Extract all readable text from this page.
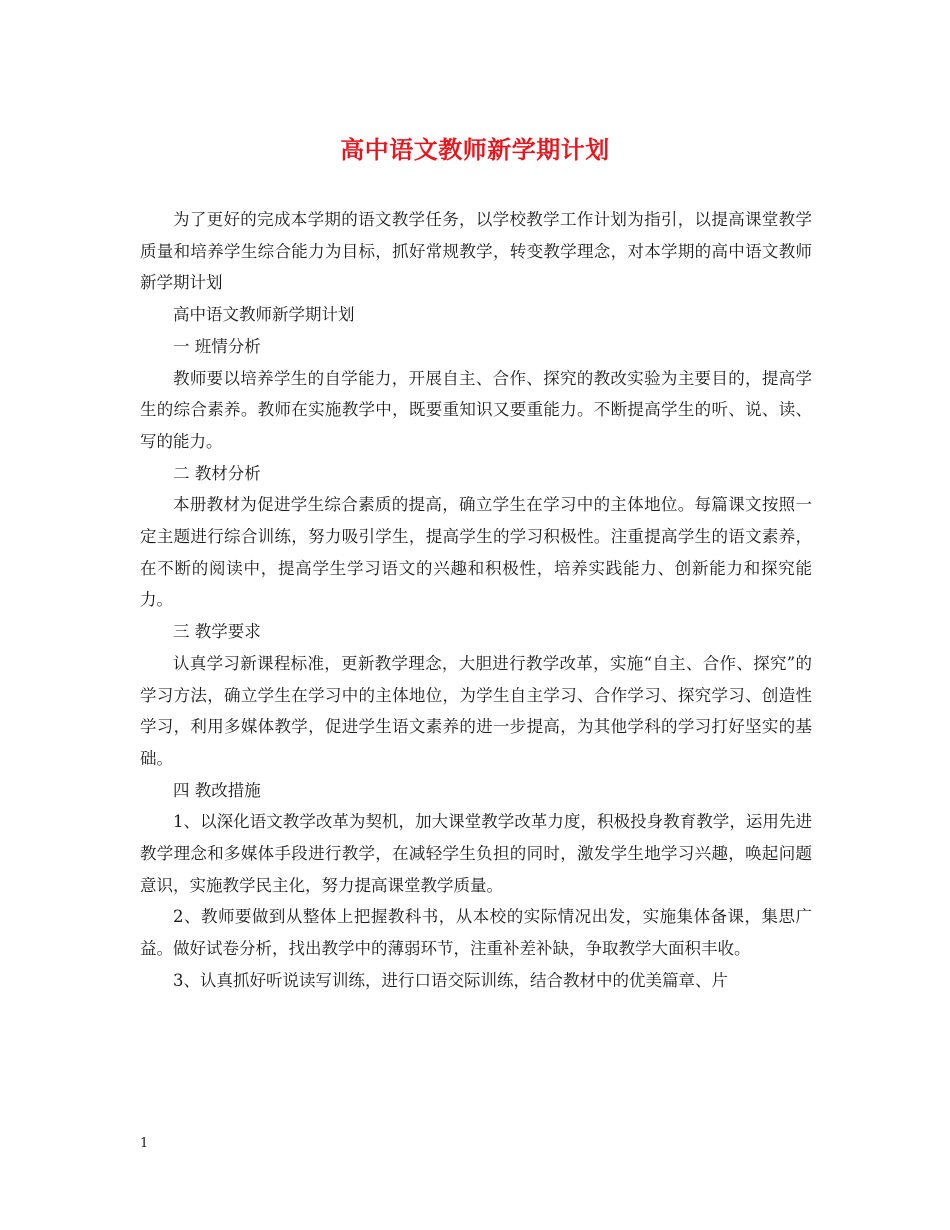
高中语文教师新学期计划

为了更好的完成本学期的语文教学任务，以学校教学工作计划为指引，以提高课堂教学质量和培养学生综合能力为目标，抓好常规教学，转变教学理念，对本学期的高中语文教师新学期计划

高中语文教师新学期计划

一 班情分析

教师要以培养学生的自学能力，开展自主、合作、探究的教改实验为主要目的，提高学生的综合素养。教师在实施教学中，既要重知识又要重能力。不断提高学生的听、说、读、写的能力。

二 教材分析

本册教材为促进学生综合素质的提高，确立学生在学习中的主体地位。每篇课文按照一定主题进行综合训练，努力吸引学生，提高学生的学习积极性。注重提高学生的语文素养，在不断的阅读中，提高学生学习语文的兴趣和积极性，培养实践能力、创新能力和探究能力。

三 教学要求

认真学习新课程标准，更新教学理念，大胆进行教学改革，实施“自主、合作、探究”的学习方法，确立学生在学习中的主体地位，为学生自主学习、合作学习、探究学习、创造性学习，利用多媒体教学，促进学生语文素养的进一步提高，为其他学科的学习打好坚实的基础。

四 教改措施

1、以深化语文教学改革为契机，加大课堂教学改革力度，积极投身教育教学，运用先进教学理念和多媒体手段进行教学，在减轻学生负担的同时，激发学生地学习兴趣，唤起问题意识，实施教学民主化，努力提高课堂教学质量。

2、教师要做到从整体上把握教科书，从本校的实际情况出发，实施集体备课，集思广益。做好试卷分析，找出教学中的薄弱环节，注重补差补缺，争取教学大面积丰收。

3、认真抓好听说读写训练，进行口语交际训练，结合教材中的优美篇章、片

1
